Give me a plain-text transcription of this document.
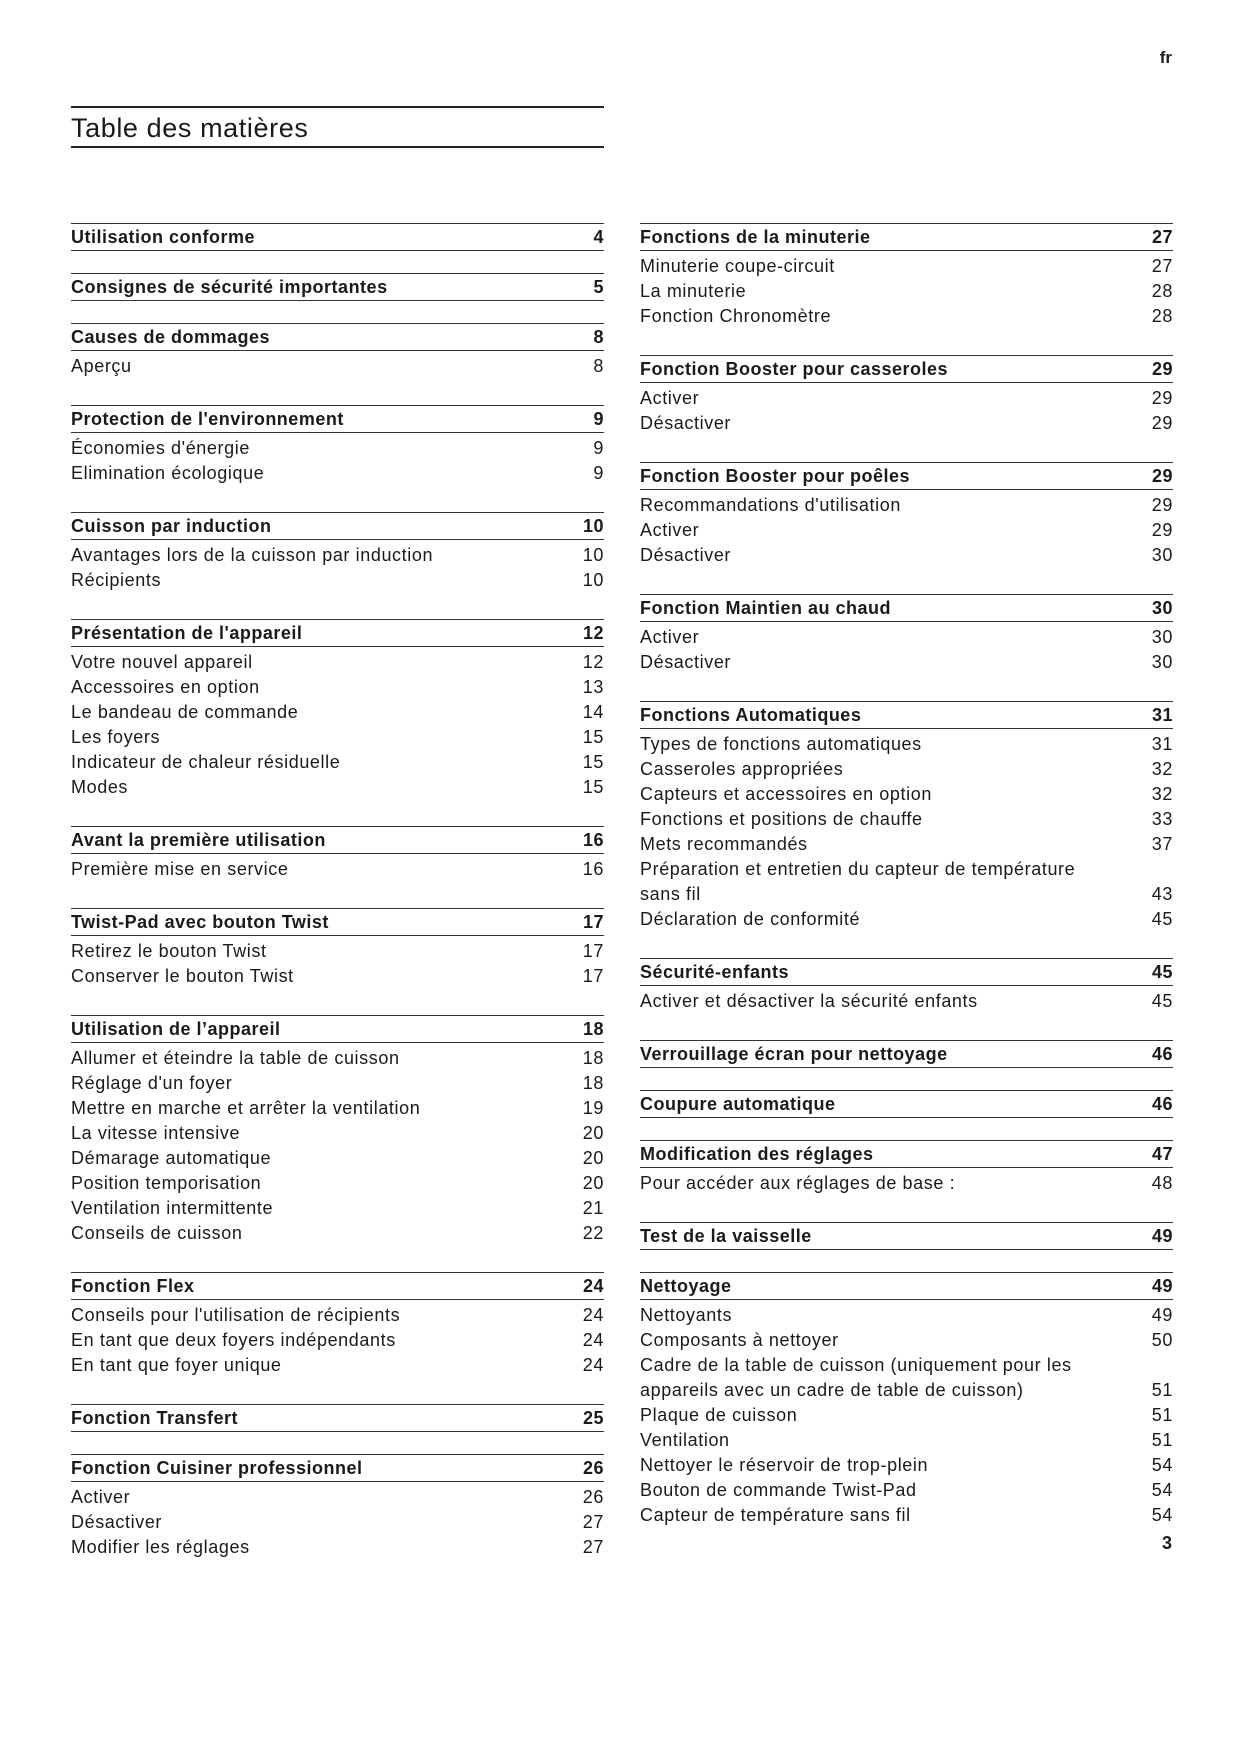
fr
Table des matières
Utilisation conforme	4
Consignes de sécurité importantes	5
Causes de dommages	8
Aperçu	8
Protection de l'environnement	9
Économies d'énergie	9
Elimination écologique	9
Cuisson par induction	10
Avantages lors de la cuisson par induction	10
Récipients	10
Présentation de l'appareil	12
Votre nouvel appareil	12
Accessoires en option	13
Le bandeau de commande	14
Les foyers	15
Indicateur de chaleur résiduelle	15
Modes	15
Avant la première utilisation	16
Première mise en service	16
Twist-Pad avec bouton Twist	17
Retirez le bouton Twist	17
Conserver le bouton Twist	17
Utilisation de l’appareil	18
Allumer et éteindre la table de cuisson	18
Réglage d'un foyer	18
Mettre en marche et arrêter la ventilation	19
La vitesse intensive	20
Démarage automatique	20
Position temporisation	20
Ventilation intermittente	21
Conseils de cuisson	22
Fonction Flex	24
Conseils pour l'utilisation de récipients	24
En tant que deux foyers indépendants	24
En tant que foyer unique	24
Fonction Transfert	25
Fonction Cuisiner professionnel	26
Activer	26
Désactiver	27
Modifier les réglages	27
Fonctions de la minuterie	27
Minuterie coupe-circuit	27
La minuterie	28
Fonction Chronomètre	28
Fonction Booster pour casseroles	29
Activer	29
Désactiver	29
Fonction Booster pour poêles	29
Recommandations d'utilisation	29
Activer	29
Désactiver	30
Fonction Maintien au chaud	30
Activer	30
Désactiver	30
Fonctions Automatiques	31
Types de fonctions automatiques	31
Casseroles appropriées	32
Capteurs et accessoires en option	32
Fonctions et positions de chauffe	33
Mets recommandés	37
Préparation et entretien du capteur de température sans fil	43
Déclaration de conformité	45
Sécurité-enfants	45
Activer et désactiver la sécurité enfants	45
Verrouillage écran pour nettoyage	46
Coupure automatique	46
Modification des réglages	47
Pour accéder aux réglages de base :	48
Test de la vaisselle	49
Nettoyage	49
Nettoyants	49
Composants à nettoyer	50
Cadre de la table de cuisson (uniquement pour les appareils avec un cadre de table de cuisson)	51
Plaque de cuisson	51
Ventilation	51
Nettoyer le réservoir de trop-plein	54
Bouton de commande Twist-Pad	54
Capteur de température sans fil	54
3
